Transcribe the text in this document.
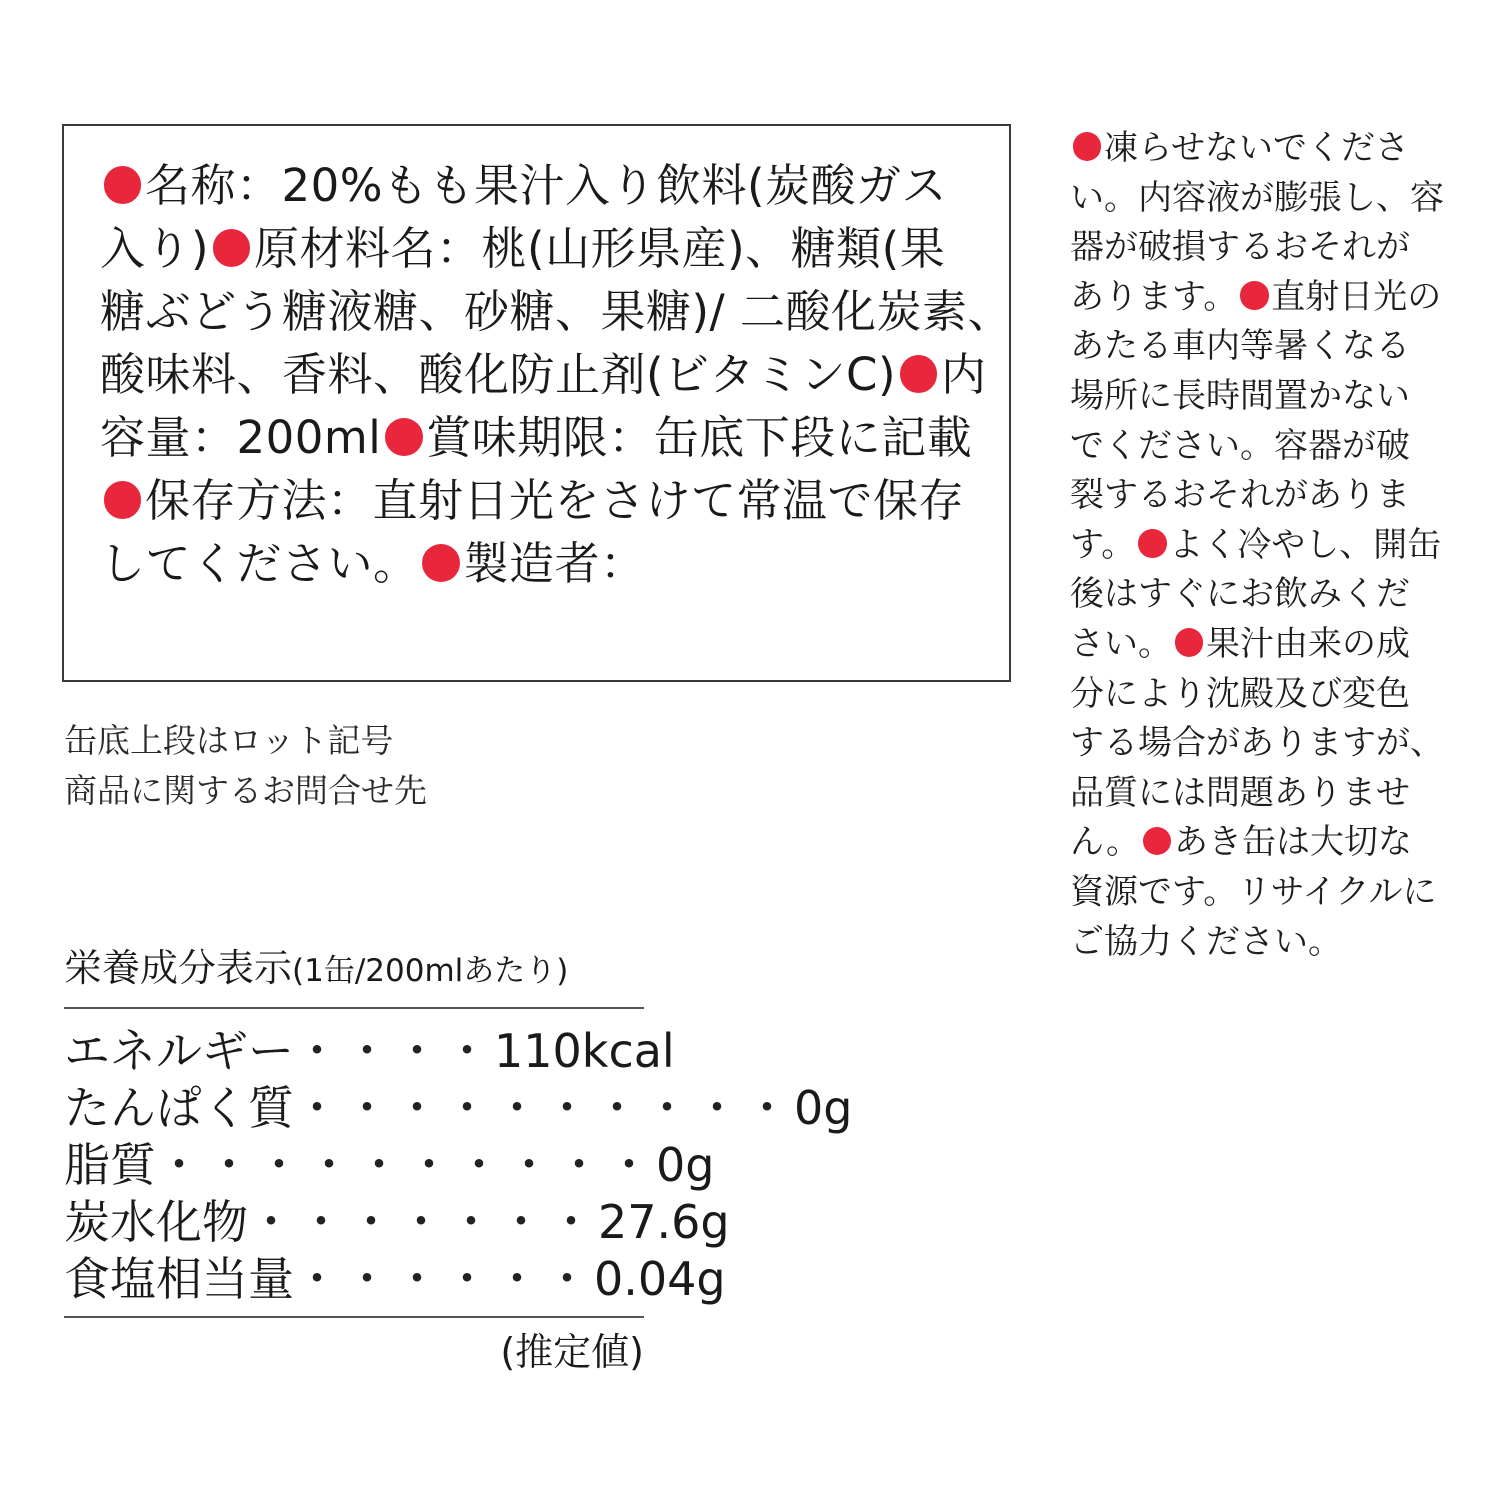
名称：20%もも果汁入り飲料(炭酸ガス
入り) 原材料名：桃(山形県産)、糖類(果
糖ぶどう糖液糖、砂糖、果糖)/ 二酸化炭素、
酸味料、香料、酸化防止剤(ビタミンC) 内
容量：200ml 賞味期限：缶底下段に記載
保存方法：直射日光をさけて常温で保存
してください。 製造者：
缶底上段はロット記号
商品に関するお問合せ先
凍らせないでくださ
い。内容液が膨張し、容
器が破損するおそれが
あります。 直射日光の
あたる車内等暑くなる
場所に長時間置かない
でください。容器が破
裂するおそれがありま
す。 よく冷やし、開缶
後はすぐにお飲みくだ
さい。 果汁由来の成
分により沈殿及び変色
する場合がありますが、
品質には問題ありませ
ん。 あき缶は大切な
資源です。リサイクルに
ご協力ください。
栄養成分表示(1缶/200mlあたり)
エ ネ ル ギ ー ・・・・ 110kcal
た ん ぱ く 質 ・・・・・・・・・・ 0g
脂 質 ・・・・・・・・・・ 0g
炭 水 化 物 ・・・・・・・ 27.6g
食 塩 相 当 量 ・・・・・・ 0.04g
(推定値)
